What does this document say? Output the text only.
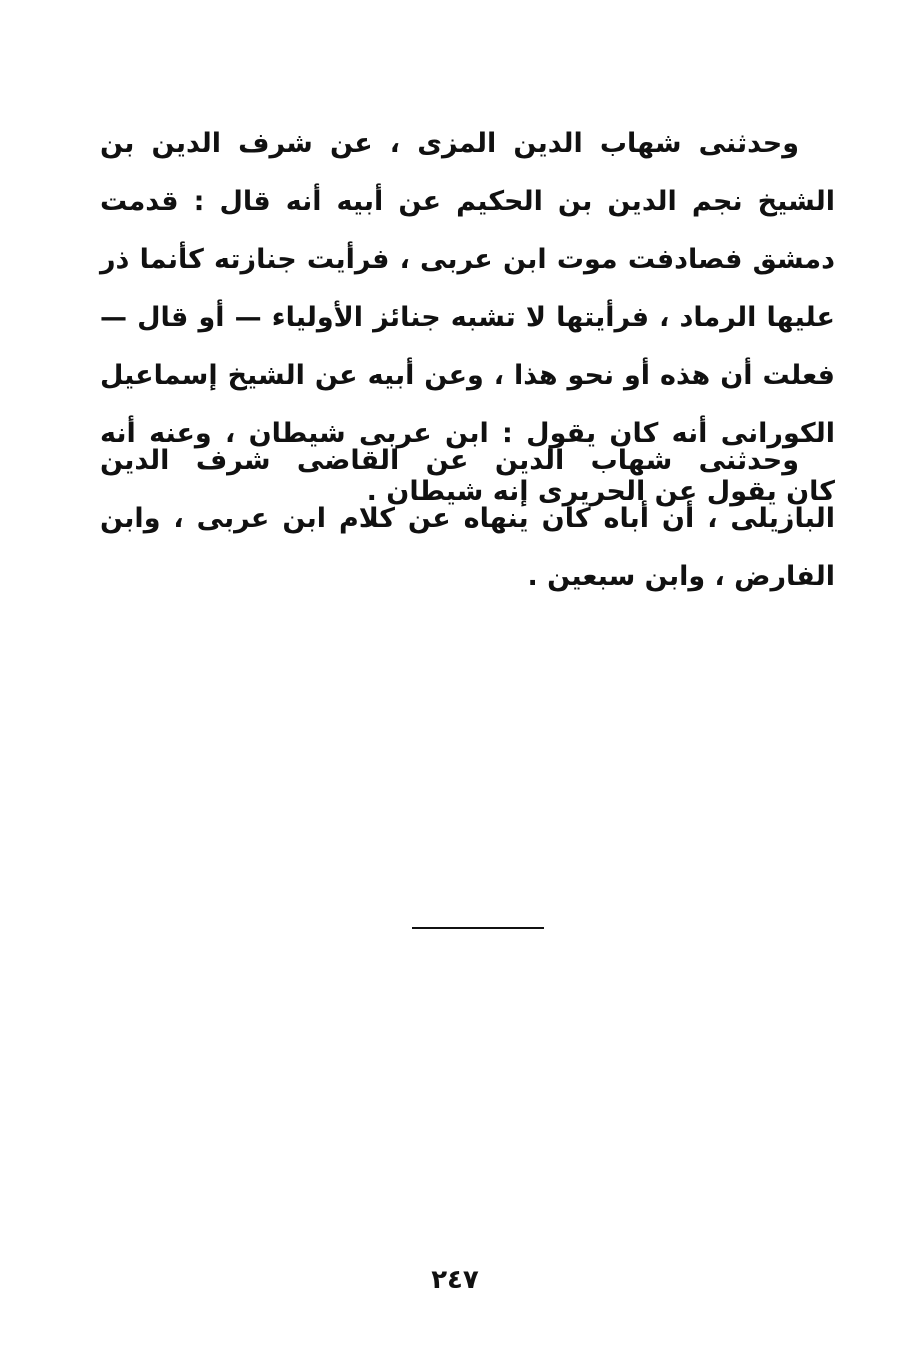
وحدثنى شهاب الدين المزى ، عن شرف الدين بن الشيخ نجم الدين بن الحكيم عن أبيه أنه قال : قدمت دمشق فصادفت موت ابن عربى ، فرأيت جنازته كأنما ذر عليها الرماد ، فرأيتها لا تشبه جنائز الأولياء — أو قال — فعلت أن هذه أو نحو هذا ، وعن أبيه عن الشيخ إسماعيل الكورانى أنه كان يقول : ابن عربى شيطان ، وعنه أنه كان يقول عن الحريرى إنه شيطان .

وحدثنى شهاب الدين عن القاضى شرف الدين البازيلى ، أن أباه كان ينهاه عن كلام ابن عربى ، وابن الفارض ، وابن سبعين .

٢٤٧
